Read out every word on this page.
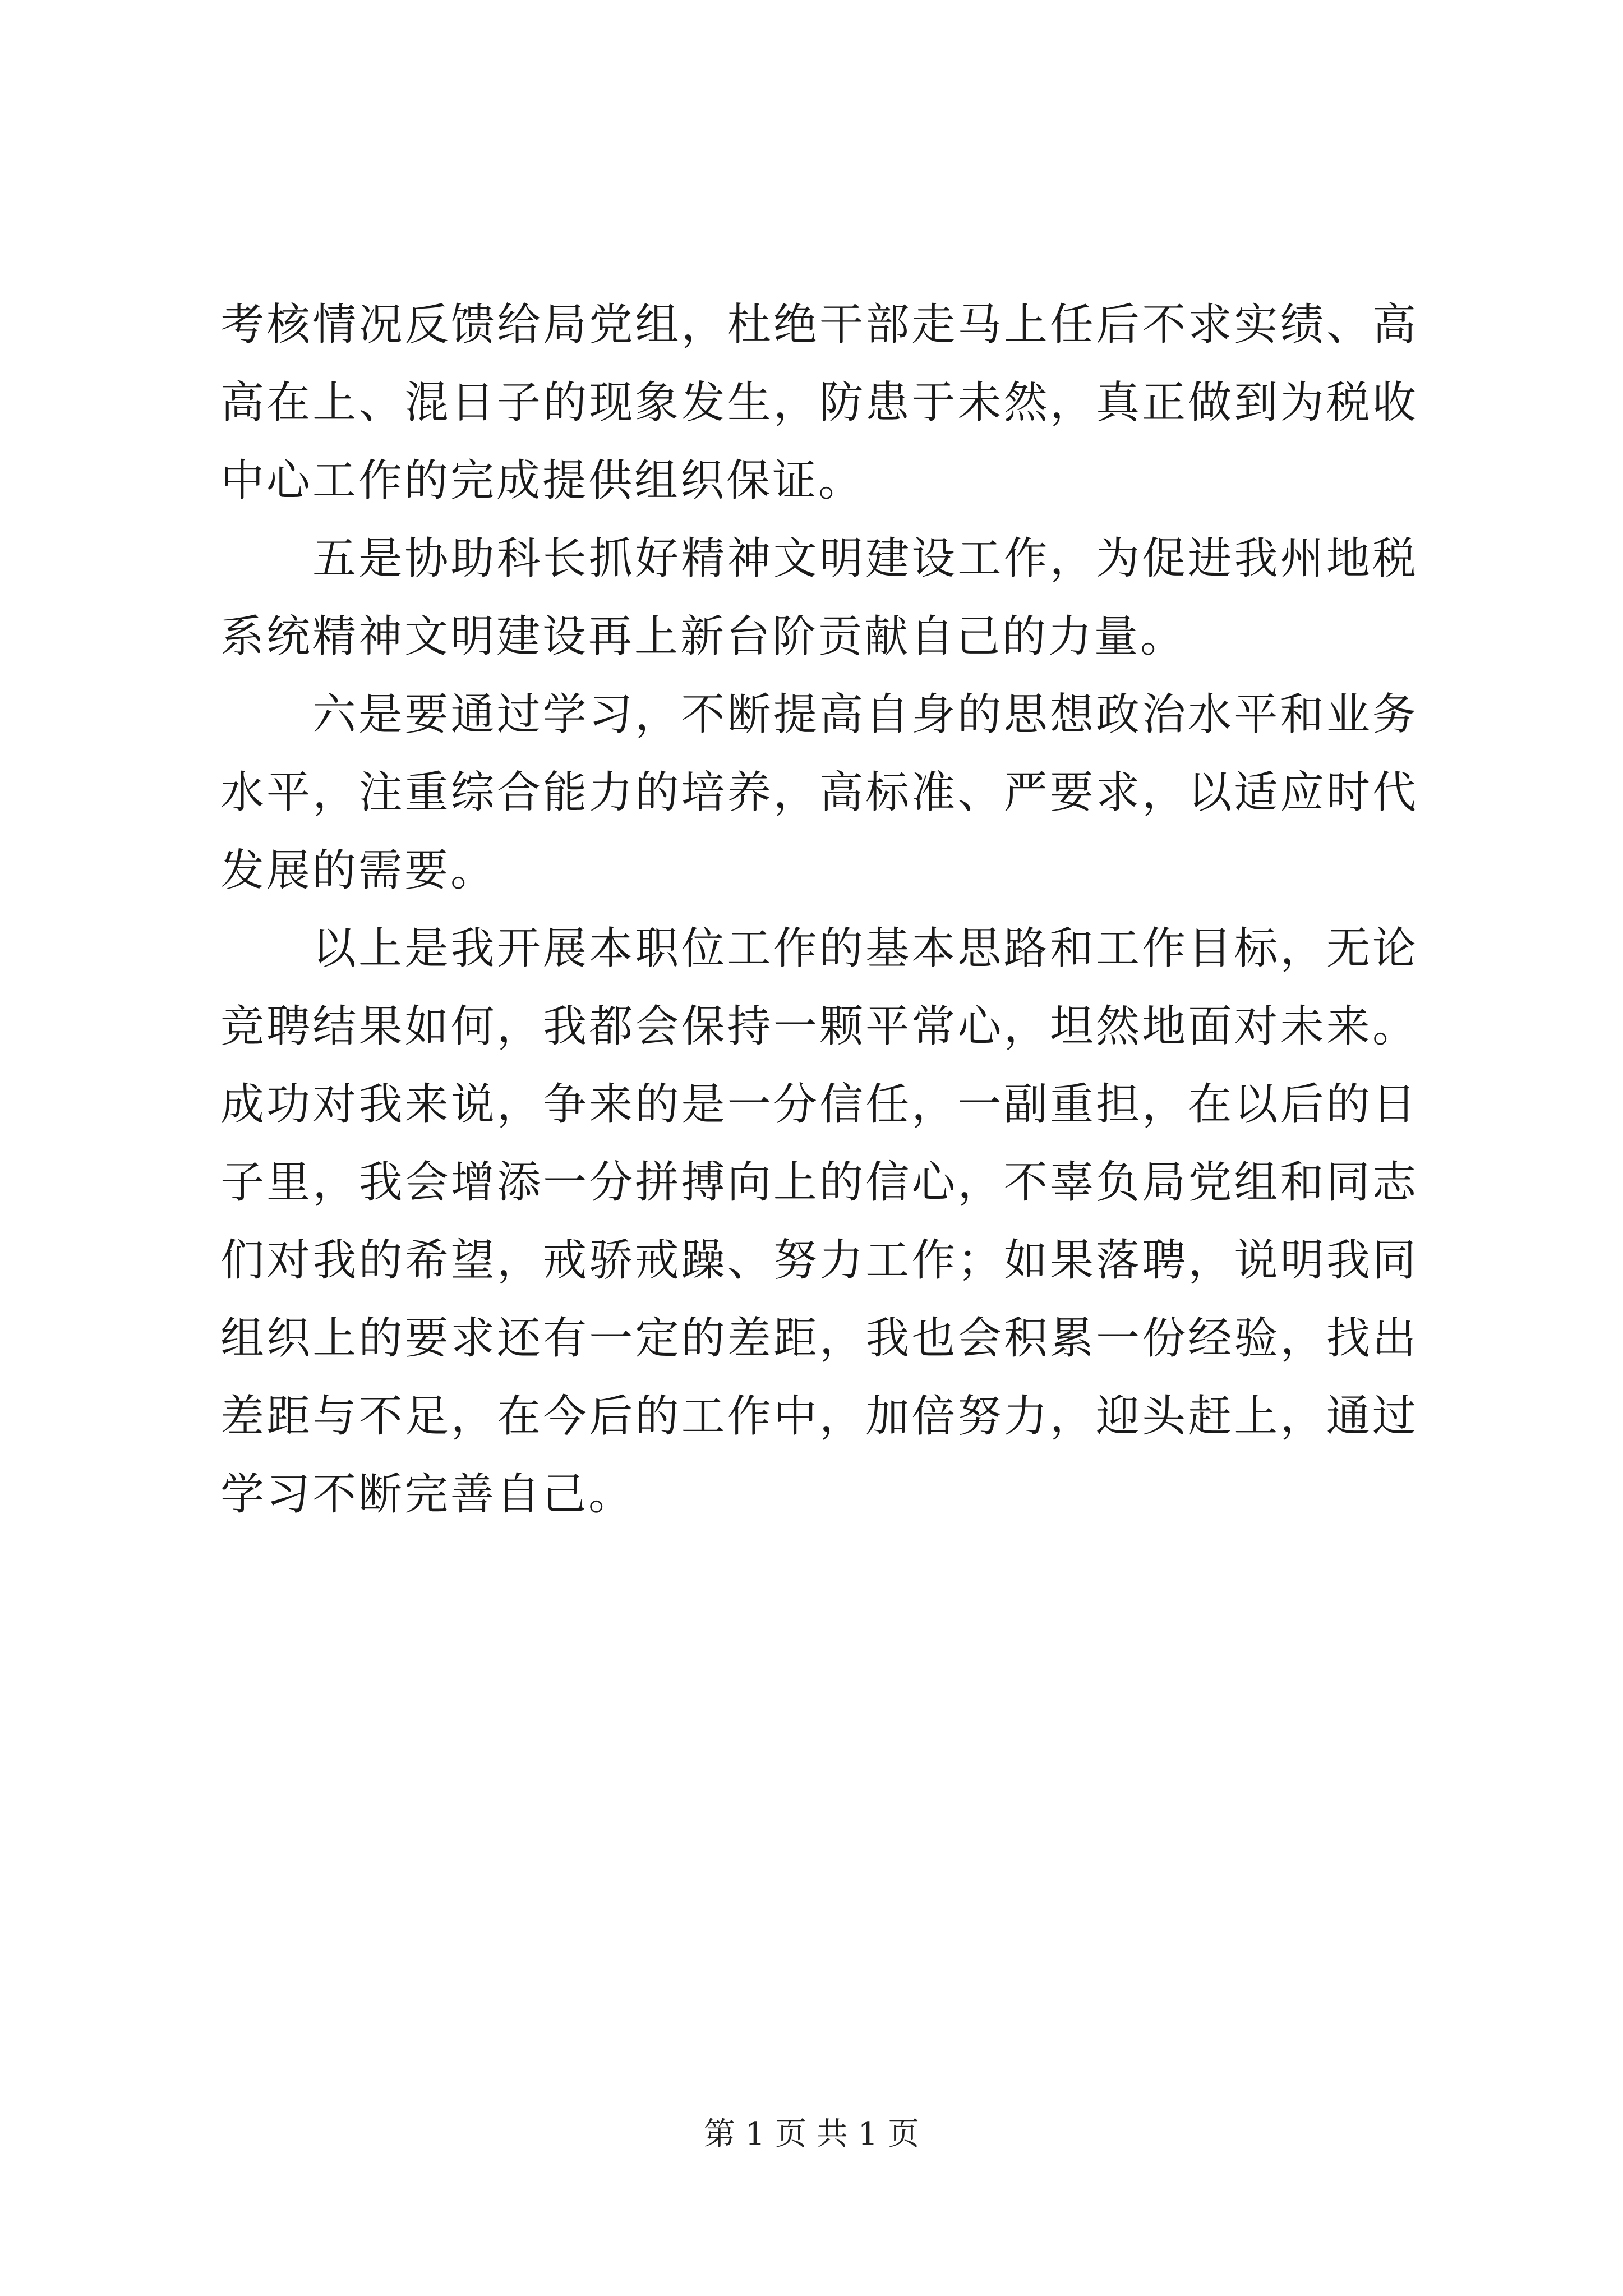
考核情况反馈给局党组，杜绝干部走马上任后不求实绩、高高在上、混日子的现象发生，防患于未然，真正做到为税收中心工作的完成提供组织保证。

五是协助科长抓好精神文明建设工作，为促进我州地税系统精神文明建设再上新台阶贡献自己的力量。

六是要通过学习，不断提高自身的思想政治水平和业务水平，注重综合能力的培养，高标准、严要求，以适应时代发展的需要。

以上是我开展本职位工作的基本思路和工作目标，无论竞聘结果如何，我都会保持一颗平常心，坦然地面对未来。成功对我来说，争来的是一分信任，一副重担，在以后的日子里，我会增添一分拼搏向上的信心，不辜负局党组和同志们对我的希望，戒骄戒躁、努力工作；如果落聘，说明我同组织上的要求还有一定的差距，我也会积累一份经验，找出差距与不足，在今后的工作中，加倍努力，迎头赶上，通过学习不断完善自己。

第 1 页 共 1 页
